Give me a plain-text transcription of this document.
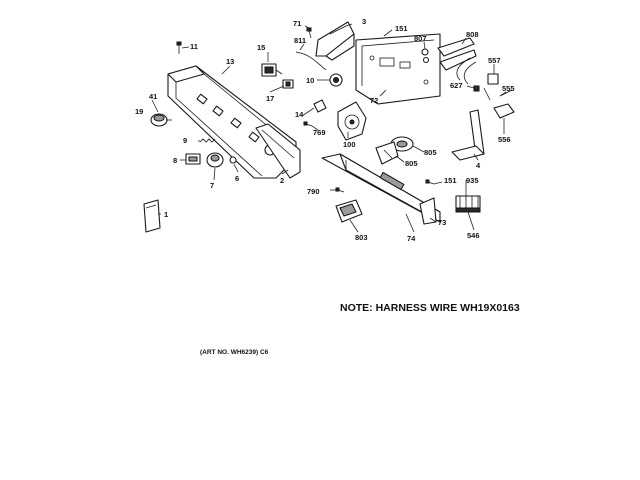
71	3
151
807	808
11	15
811
13	557
555
17
10
72
627
41
19	14
769
556
100
805
805
9
8
6
7
2
4
151 935
790
1
73
74
803	546
NOTE: HARNESS WIRE WH19X0163
(ART NO. WH6239) C6
